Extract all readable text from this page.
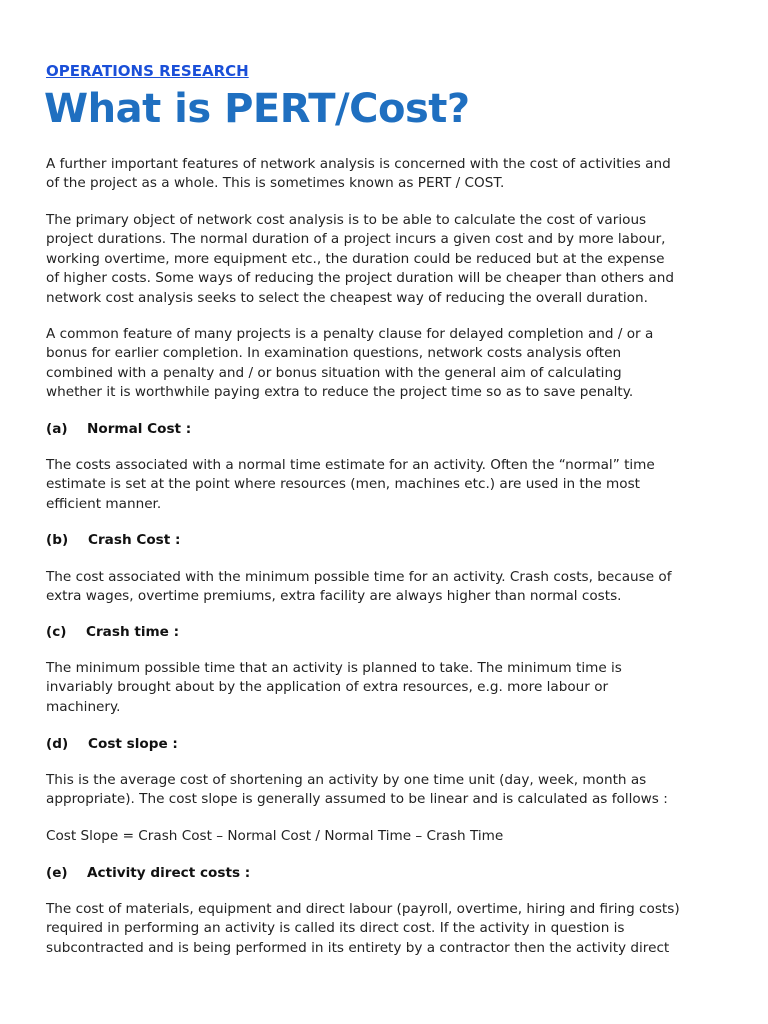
OPERATIONS RESEARCH
What is PERT/Cost?

A further important features of network analysis is concerned with the cost of activities and
of the project as a whole. This is sometimes known as PERT / COST.

The primary object of network cost analysis is to be able to calculate the cost of various
project durations. The normal duration of a project incurs a given cost and by more labour,
working overtime, more equipment etc., the duration could be reduced but at the expense
of higher costs. Some ways of reducing the project duration will be cheaper than others and
network cost analysis seeks to select the cheapest way of reducing the overall duration.

A common feature of many projects is a penalty clause for delayed completion and / or a
bonus for earlier completion. In examination questions, network costs analysis often
combined with a penalty and / or bonus situation with the general aim of calculating
whether it is worthwhile paying extra to reduce the project time so as to save penalty.

(a) Normal Cost :

The costs associated with a normal time estimate for an activity. Often the “normal” time
estimate is set at the point where resources (men, machines etc.) are used in the most
efficient manner.

(b) Crash Cost :

The cost associated with the minimum possible time for an activity. Crash costs, because of
extra wages, overtime premiums, extra facility are always higher than normal costs.

(c) Crash time :

The minimum possible time that an activity is planned to take. The minimum time is
invariably brought about by the application of extra resources, e.g. more labour or
machinery.

(d) Cost slope :

This is the average cost of shortening an activity by one time unit (day, week, month as
appropriate). The cost slope is generally assumed to be linear and is calculated as follows :

Cost Slope = Crash Cost – Normal Cost / Normal Time – Crash Time

(e) Activity direct costs :

The cost of materials, equipment and direct labour (payroll, overtime, hiring and firing costs)
required in performing an activity is called its direct cost. If the activity in question is
subcontracted and is being performed in its entirety by a contractor then the activity direct
